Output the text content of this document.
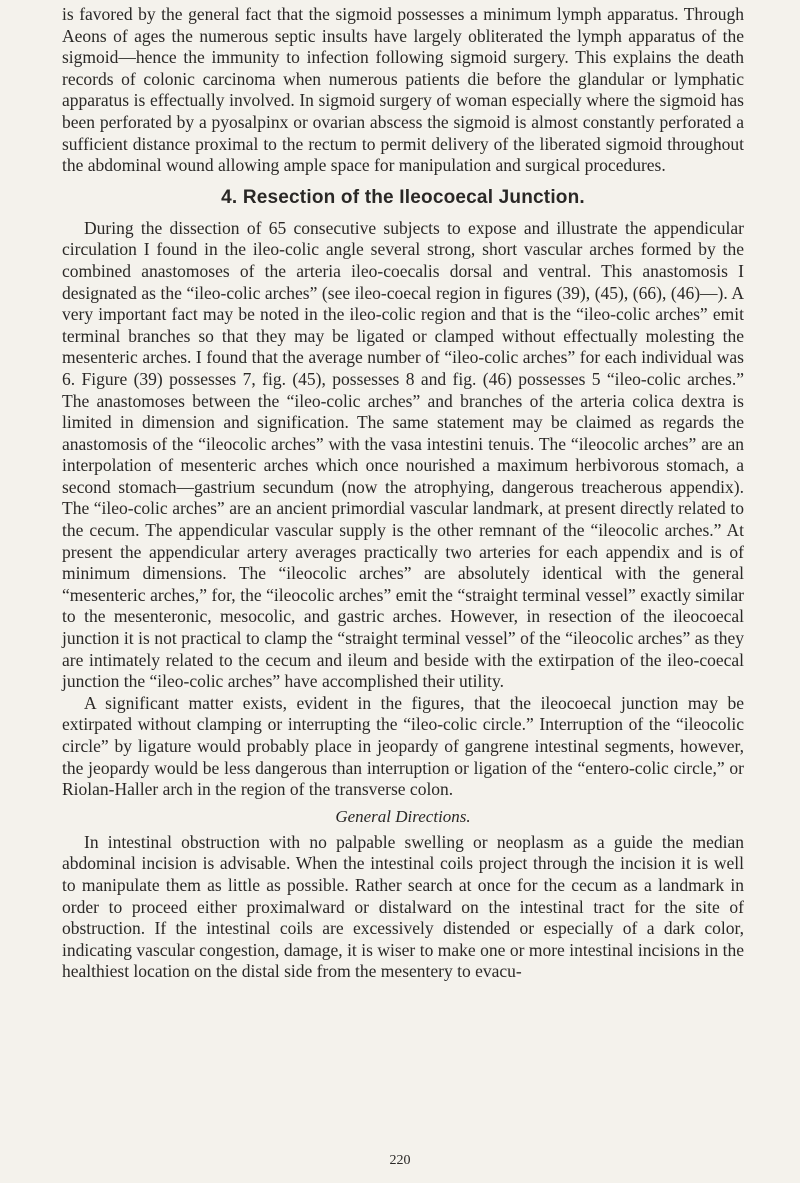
is favored by the general fact that the sigmoid possesses a minimum lymph apparatus. Through Aeons of ages the numerous septic insults have largely obliterated the lymph apparatus of the sigmoid—hence the immunity to infection following sigmoid surgery. This explains the death records of colonic carcinoma when numerous patients die before the glandular or lymphatic apparatus is effectually involved. In sigmoid surgery of woman especially where the sigmoid has been perforated by a pyosalpinx or ovarian abscess the sigmoid is almost constantly perforated a sufficient distance proximal to the rectum to permit delivery of the liberated sigmoid throughout the abdominal wound allowing ample space for manipulation and surgical procedures.

4. Resection of the Ileocoecal Junction.

During the dissection of 65 consecutive subjects to expose and illustrate the appendicular circulation I found in the ileo-colic angle several strong, short vascular arches formed by the combined anastomoses of the arteria ileo-coecalis dorsal and ventral. This anastomosis I designated as the “ileo-colic arches” (see ileo-coecal region in figures (39), (45), (66), (46)—). A very important fact may be noted in the ileo-colic region and that is the “ileo-colic arches” emit terminal branches so that they may be ligated or clamped without effectually molesting the mesenteric arches. I found that the average number of “ileo-colic arches” for each individual was 6. Figure (39) possesses 7, fig. (45), possesses 8 and fig. (46) possesses 5 “ileo-colic arches.” The anastomoses between the “ileo-colic arches” and branches of the arteria colica dextra is limited in dimension and signification. The same statement may be claimed as regards the anastomosis of the “ileocolic arches” with the vasa intestini tenuis. The “ileocolic arches” are an interpolation of mesenteric arches which once nourished a maximum herbivorous stomach, a second stomach—gastrium secundum (now the atrophying, dangerous treacherous appendix). The “ileo-colic arches” are an ancient primordial vascular landmark, at present directly related to the cecum. The appendicular vascular supply is the other remnant of the “ileocolic arches.” At present the appendicular artery averages practically two arteries for each appendix and is of minimum dimensions. The “ileocolic arches” are absolutely identical with the general “mesenteric arches,” for, the “ileocolic arches” emit the “straight terminal vessel” exactly similar to the mesenteronic, mesocolic, and gastric arches. However, in resection of the ileocoecal junction it is not practical to clamp the “straight terminal vessel” of the “ileocolic arches” as they are intimately related to the cecum and ileum and beside with the extirpation of the ileo-coecal junction the “ileo-colic arches” have accomplished their utility.

A significant matter exists, evident in the figures, that the ileocoecal junction may be extirpated without clamping or interrupting the “ileo-colic circle.” Interruption of the “ileocolic circle” by ligature would probably place in jeopardy of gangrene intestinal segments, however, the jeopardy would be less dangerous than interruption or ligation of the “entero-colic circle,” or Riolan-Haller arch in the region of the transverse colon.

General Directions.

In intestinal obstruction with no palpable swelling or neoplasm as a guide the median abdominal incision is advisable. When the intestinal coils project through the incision it is well to manipulate them as little as possible. Rather search at once for the cecum as a landmark in order to proceed either proximalward or distalward on the intestinal tract for the site of obstruction. If the intestinal coils are excessively distended or especially of a dark color, indicating vascular congestion, damage, it is wiser to make one or more intestinal incisions in the healthiest location on the distal side from the mesentery to evacu-

220
